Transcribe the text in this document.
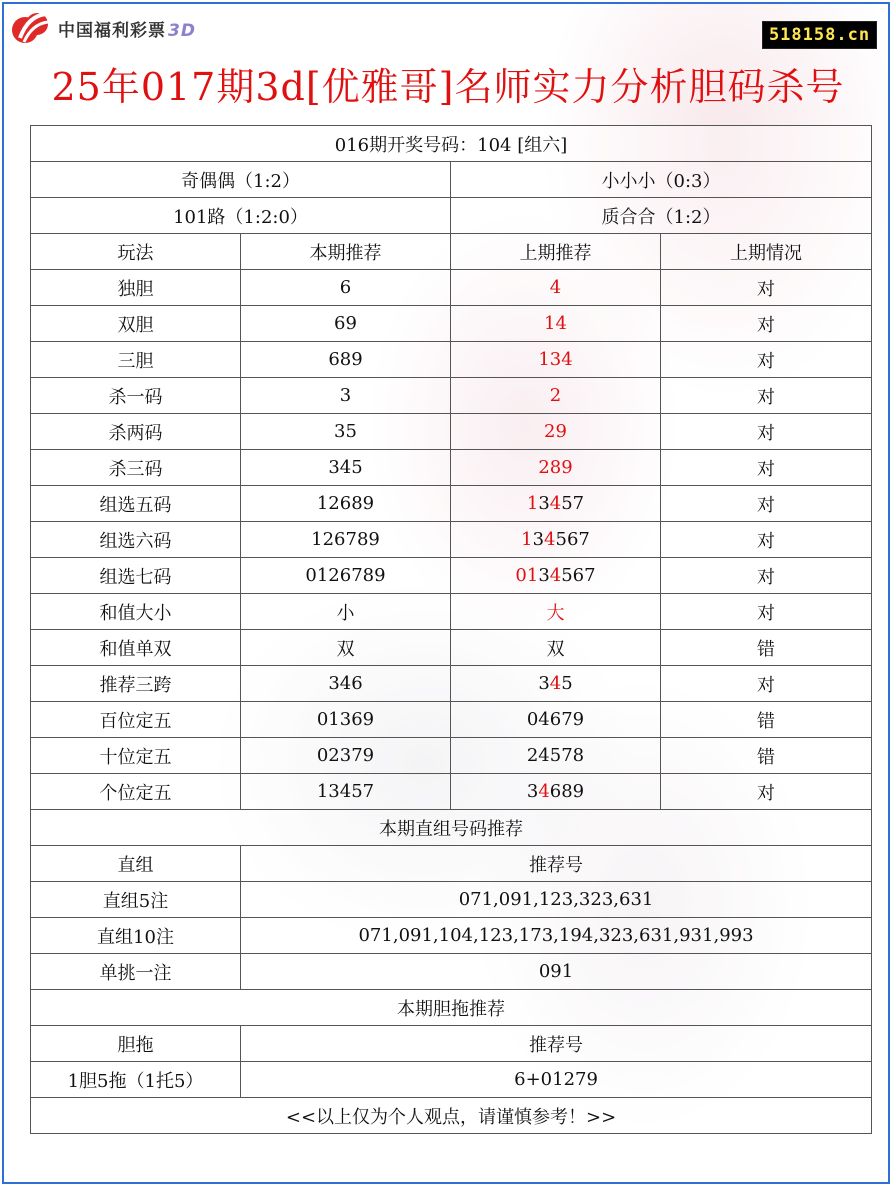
中国福利彩票 3D	518158.cn
25年017期3d[优雅哥]名师实力分析胆码杀号
016期开奖号码：104 [组六]			
奇偶偶（1:2）		小小小（0:3）	
101路（1:2:0）		质合合（1:2）	
玩法	本期推荐	上期推荐	上期情况
独胆	6	4	对
双胆	69	14	对
三胆	689	134	对
杀一码	3	2	对
杀两码	35	29	对
杀三码	345	289	对
组选五码	12689	13457	对
组选六码	126789	134567	对
组选七码	0126789	0134567	对
和值大小	小	大	对
和值单双	双	双	错
推荐三跨	346	345	对
百位定五	01369	04679	错
十位定五	02379	24578	错
个位定五	13457	34689	对
本期直组号码推荐			
直组	推荐号		
直组5注	071,091,123,323,631		
直组10注	071,091,104,123,173,194,323,631,931,993		
单挑一注	091		
本期胆拖推荐			
胆拖	推荐号		
1胆5拖（1托5）	6+01279		
<<以上仅为个人观点，请谨慎参考！>>			
